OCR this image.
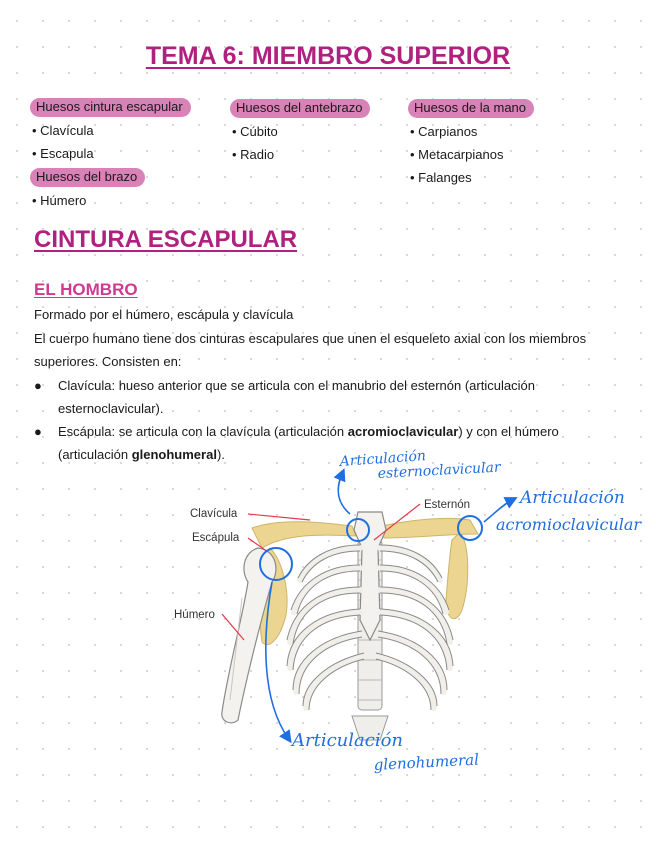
TEMA 6: MIEMBRO SUPERIOR
Huesos cintura escapular
• Clavícula
• Escapula
Huesos del brazo
• Húmero
Huesos del antebrazo
• Cúbito
• Radio
Huesos de la mano
• Carpianos
• Metacarpianos
• Falanges
CINTURA ESCAPULAR
EL HOMBRO
Formado por el húmero, escápula y clavícula
El cuerpo humano tiene dos cinturas escapulares que unen el esqueleto axial con los miembros superiores. Consisten en:
● Clavícula: hueso anterior que se articula con el manubrio del esternón (articulación esternoclavicular).
● Escápula: se articula con la clavícula (articulación acromioclavicular) y con el húmero (articulación glenohumeral).
Clavícula
Escápula
Húmero
Esternón
Articulación
esternoclavicular
Articulación
acromioclavicular
Articulación
glenohumeral
